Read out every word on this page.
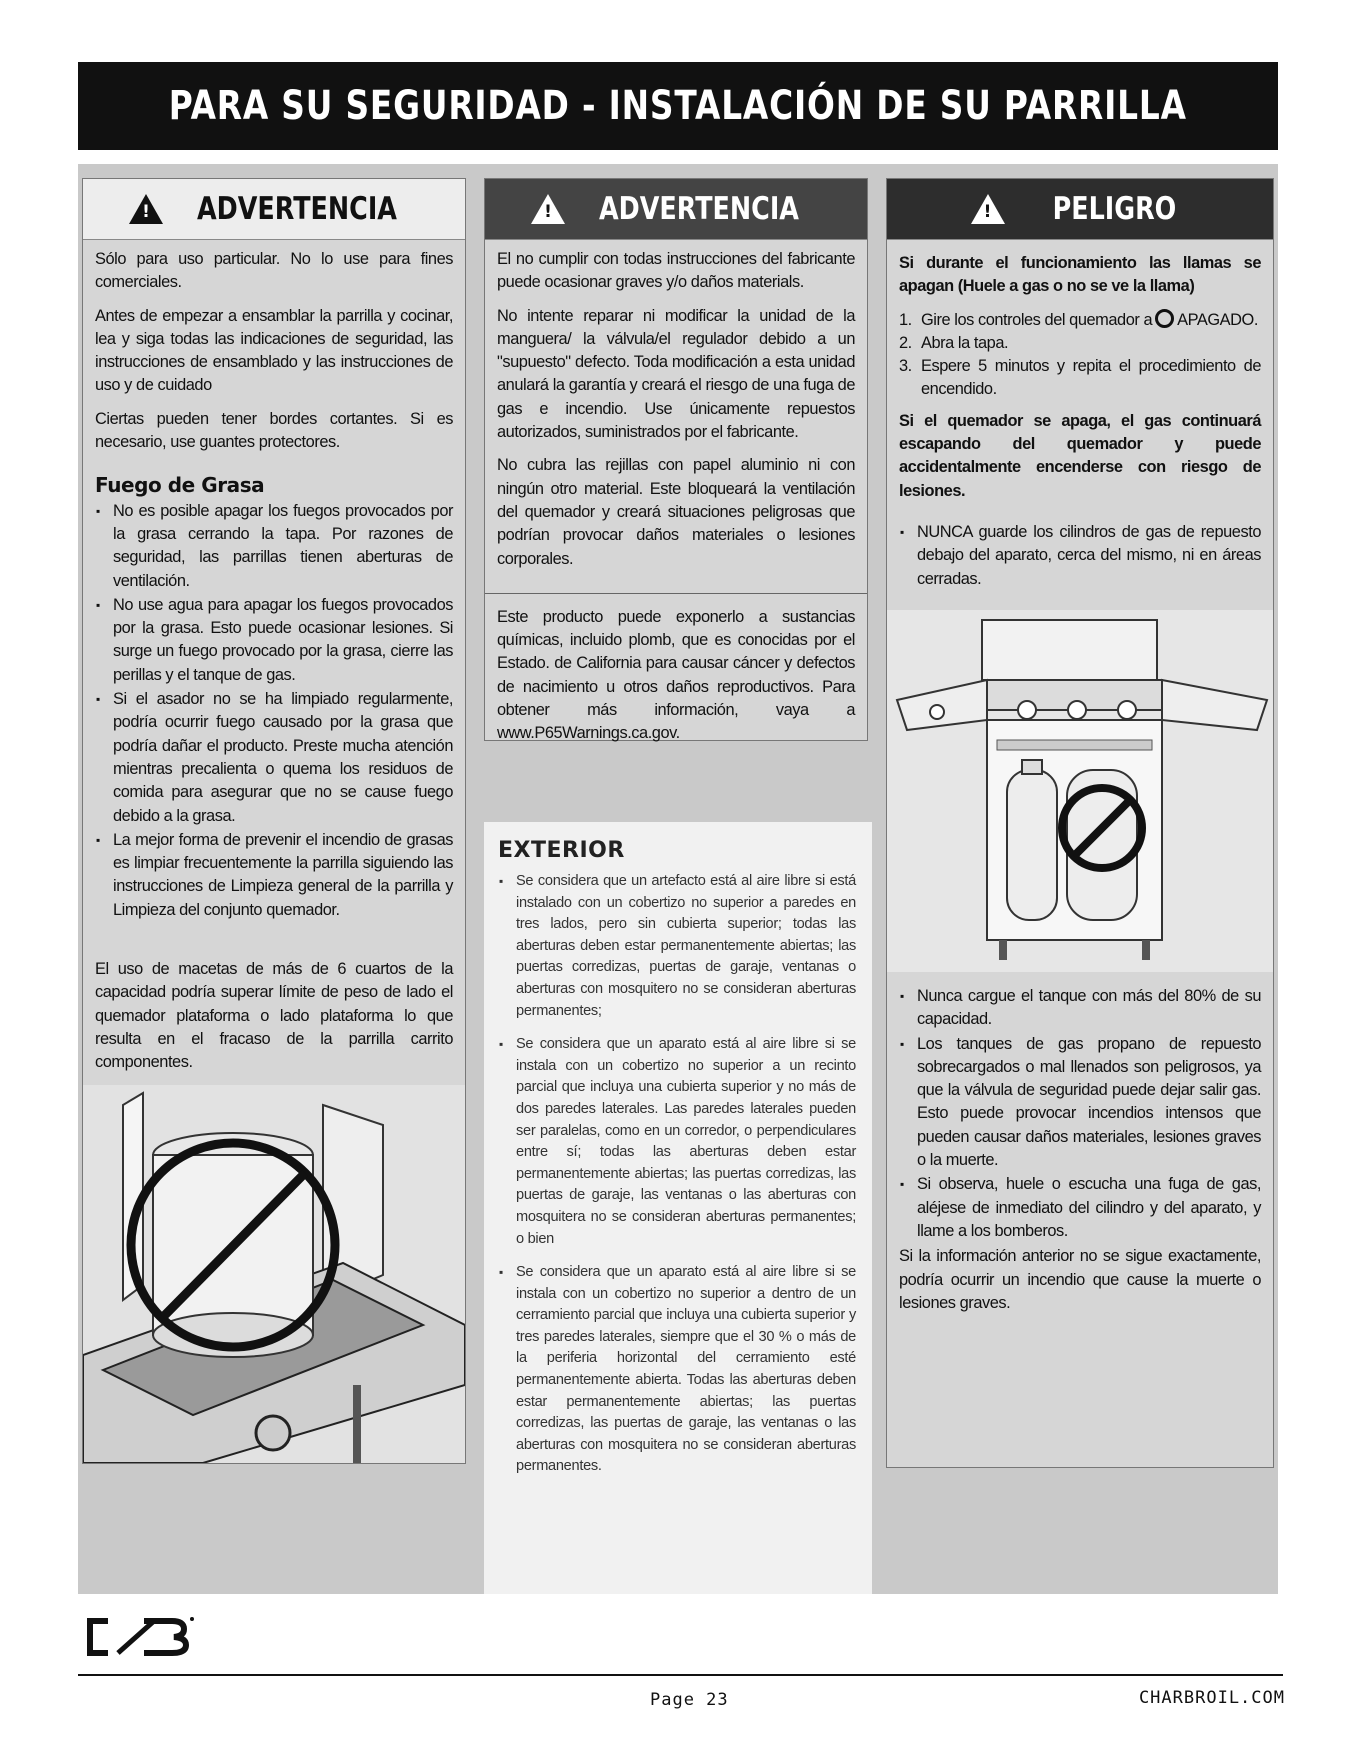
PARA SU SEGURIDAD - INSTALACIÓN DE SU PARRILLA
! ADVERTENCIA

Sólo para uso particular. No lo use para fines comerciales.

Antes de empezar a ensamblar la parrilla y cocinar, lea y siga todas las indicaciones de seguridad, las instrucciones de ensamblado y las instrucciones de uso y de cuidado

Ciertas pueden tener bordes cortantes. Si es necesario, use guantes protectores.

Fuego de Grasa
▪ No es posible apagar los fuegos provocados por la grasa cerrando la tapa. Por razones de seguridad, las parrillas tienen aberturas de ventilación.
▪ No use agua para apagar los fuegos provocados por la grasa. Esto puede ocasionar lesiones. Si surge un fuego provocado por la grasa, cierre las perillas y el tanque de gas.
▪ Si el asador no se ha limpiado regularmente, podría ocurrir fuego causado por la grasa que podría dañar el producto. Preste mucha atención mientras precalienta o quema los residuos de comida para asegurar que no se cause fuego debido a la grasa.
▪ La mejor forma de prevenir el incendio de grasas es limpiar frecuentemente la parrilla siguiendo las instrucciones de Limpieza general de la parrilla y Limpieza del conjunto quemador.

El uso de macetas de más de 6 cuartos de la capacidad podría superar límite de peso de lado el quemador plataforma o lado plataforma lo que resulta en el fracaso de la parrilla carrito componentes.

! ADVERTENCIA

El no cumplir con todas instrucciones del fabricante puede ocasionar graves y/o daños materials.

No intente reparar ni modificar la unidad de la manguera/ la válvula/el regulador debido a un "supuesto" defecto. Toda modificación a esta unidad anulará la garantía y creará el riesgo de una fuga de gas e incendio. Use únicamente repuestos autorizados, suministrados por el fabricante.

No cubra las rejillas con papel aluminio ni con ningún otro material. Este bloqueará la ventilación del quemador y creará situaciones peligrosas que podrían provocar daños materiales o lesiones corporales.

Este producto puede exponerlo a sustancias químicas, incluido plomb, que es conocidas por el Estado. de California para causar cáncer y defectos de nacimiento u otros daños reproductivos. Para obtener más información, vaya a www.P65Warnings.ca.gov.

EXTERIOR
▪ Se considera que un artefacto está al aire libre si está instalado con un cobertizo no superior a paredes en tres lados, pero sin cubierta superior; todas las aberturas deben estar permanentemente abiertas; las puertas corredizas, puertas de garaje, ventanas o aberturas con mosquitero no se consideran aberturas permanentes;
▪ Se considera que un aparato está al aire libre si se instala con un cobertizo no superior a un recinto parcial que incluya una cubierta superior y no más de dos paredes laterales. Las paredes laterales pueden ser paralelas, como en un corredor, o perpendiculares entre sí; todas las aberturas deben estar permanentemente abiertas; las puertas corredizas, las puertas de garaje, las ventanas o las aberturas con mosquitera no se consideran aberturas permanentes; o bien
▪ Se considera que un aparato está al aire libre si se instala con un cobertizo no superior a dentro de un cerramiento parcial que incluya una cubierta superior y tres paredes laterales, siempre que el 30 % o más de la periferia horizontal del cerramiento esté permanentemente abierta. Todas las aberturas deben estar permanentemente abiertas; las puertas corredizas, las puertas de garaje, las ventanas o las aberturas con mosquitera no se consideran aberturas permanentes.
! PELIGRO

Si durante el funcionamiento las llamas se apagan (Huele a gas o no se ve la llama)

1. Gire los controles del quemador a APAGADO.
2. Abra la tapa.
3. Espere 5 minutos y repita el procedimiento de encendido.

Si el quemador se apaga, el gas continuará escapando del quemador y puede accidentalmente encenderse con riesgo de lesiones.

▪ NUNCA guarde los cilindros de gas de repuesto debajo del aparato, cerca del mismo, ni en áreas cerradas.
▪ Nunca cargue el tanque con más del 80% de su capacidad.
▪ Los tanques de gas propano de repuesto sobrecargados o mal llenados son peligrosos, ya que la válvula de seguridad puede dejar salir gas. Esto puede provocar incendios intensos que pueden causar daños materiales, lesiones graves o la muerte.
▪ Si observa, huele o escucha una fuga de gas, aléjese de inmediato del cilindro y del aparato, y llame a los bomberos.

Si la información anterior no se sigue exactamente, podría ocurrir un incendio que cause la muerte o lesiones graves.

Page 23	CHARBROIL.COM
